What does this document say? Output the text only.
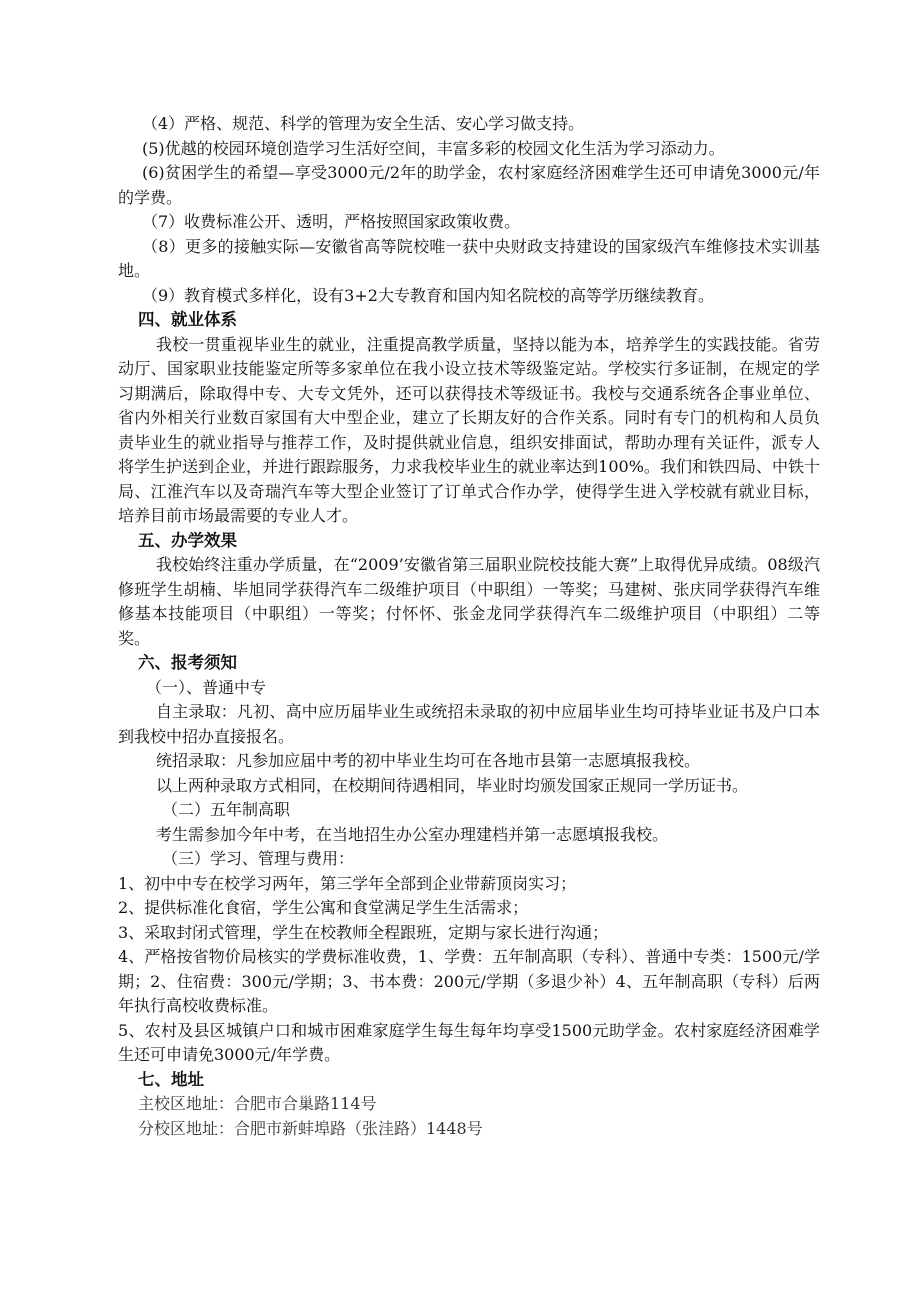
（4）严格、规范、科学的管理为安全生活、安心学习做支持。

(5)优越的校园环境创造学习生活好空间，丰富多彩的校园文化生活为学习添动力。

(6)贫困学生的希望—享受3000元/2年的助学金，农村家庭经济困难学生还可申请免3000元/年的学费。

（7）收费标准公开、透明，严格按照国家政策收费。

（8）更多的接触实际—安徽省高等院校唯一获中央财政支持建设的国家级汽车维修技术实训基地。

（9）教育模式多样化，设有3+2大专教育和国内知名院校的高等学历继续教育。

四、就业体系

我校一贯重视毕业生的就业，注重提高教学质量，坚持以能为本，培养学生的实践技能。省劳动厅、国家职业技能鉴定所等多家单位在我小设立技术等级鉴定站。学校实行多证制，在规定的学习期满后，除取得中专、大专文凭外，还可以获得技术等级证书。我校与交通系统各企事业单位、省内外相关行业数百家国有大中型企业，建立了长期友好的合作关系。同时有专门的机构和人员负责毕业生的就业指导与推荐工作，及时提供就业信息，组织安排面试，帮助办理有关证件，派专人将学生护送到企业，并进行跟踪服务，力求我校毕业生的就业率达到100%。我们和铁四局、中铁十局、江淮汽车以及奇瑞汽车等大型企业签订了订单式合作办学，使得学生进入学校就有就业目标，培养目前市场最需要的专业人才。

五、办学效果

我校始终注重办学质量，在“2009’安徽省第三届职业院校技能大赛”上取得优异成绩。08级汽修班学生胡楠、毕旭同学获得汽车二级维护项目（中职组）一等奖；马建树、张庆同学获得汽车维修基本技能项目（中职组）一等奖；付怀怀、张金龙同学获得汽车二级维护项目（中职组）二等奖。

六、报考须知

（一）、普通中专

自主录取：凡初、高中应历届毕业生或统招未录取的初中应届毕业生均可持毕业证书及户口本到我校中招办直接报名。

统招录取：凡参加应届中考的初中毕业生均可在各地市县第一志愿填报我校。

以上两种录取方式相同，在校期间待遇相同，毕业时均颁发国家正规同一学历证书。

（二）五年制高职

考生需参加今年中考，在当地招生办公室办理建档并第一志愿填报我校。

（三）学习、管理与费用：

1、初中中专在校学习两年，第三学年全部到企业带薪顶岗实习；

2、提供标准化食宿，学生公寓和食堂满足学生生活需求；

3、采取封闭式管理，学生在校教师全程跟班，定期与家长进行沟通；

4、严格按省物价局核实的学费标准收费，1、学费：五年制高职（专科）、普通中专类：1500元/学期；2、住宿费：300元/学期；3、书本费：200元/学期（多退少补）4、五年制高职（专科）后两年执行高校收费标准。

5、农村及县区城镇户口和城市困难家庭学生每生每年均享受1500元助学金。农村家庭经济困难学生还可申请免3000元/年学费。

七、地址

主校区地址：合肥市合巢路114号

分校区地址：合肥市新蚌埠路（张洼路）1448号
